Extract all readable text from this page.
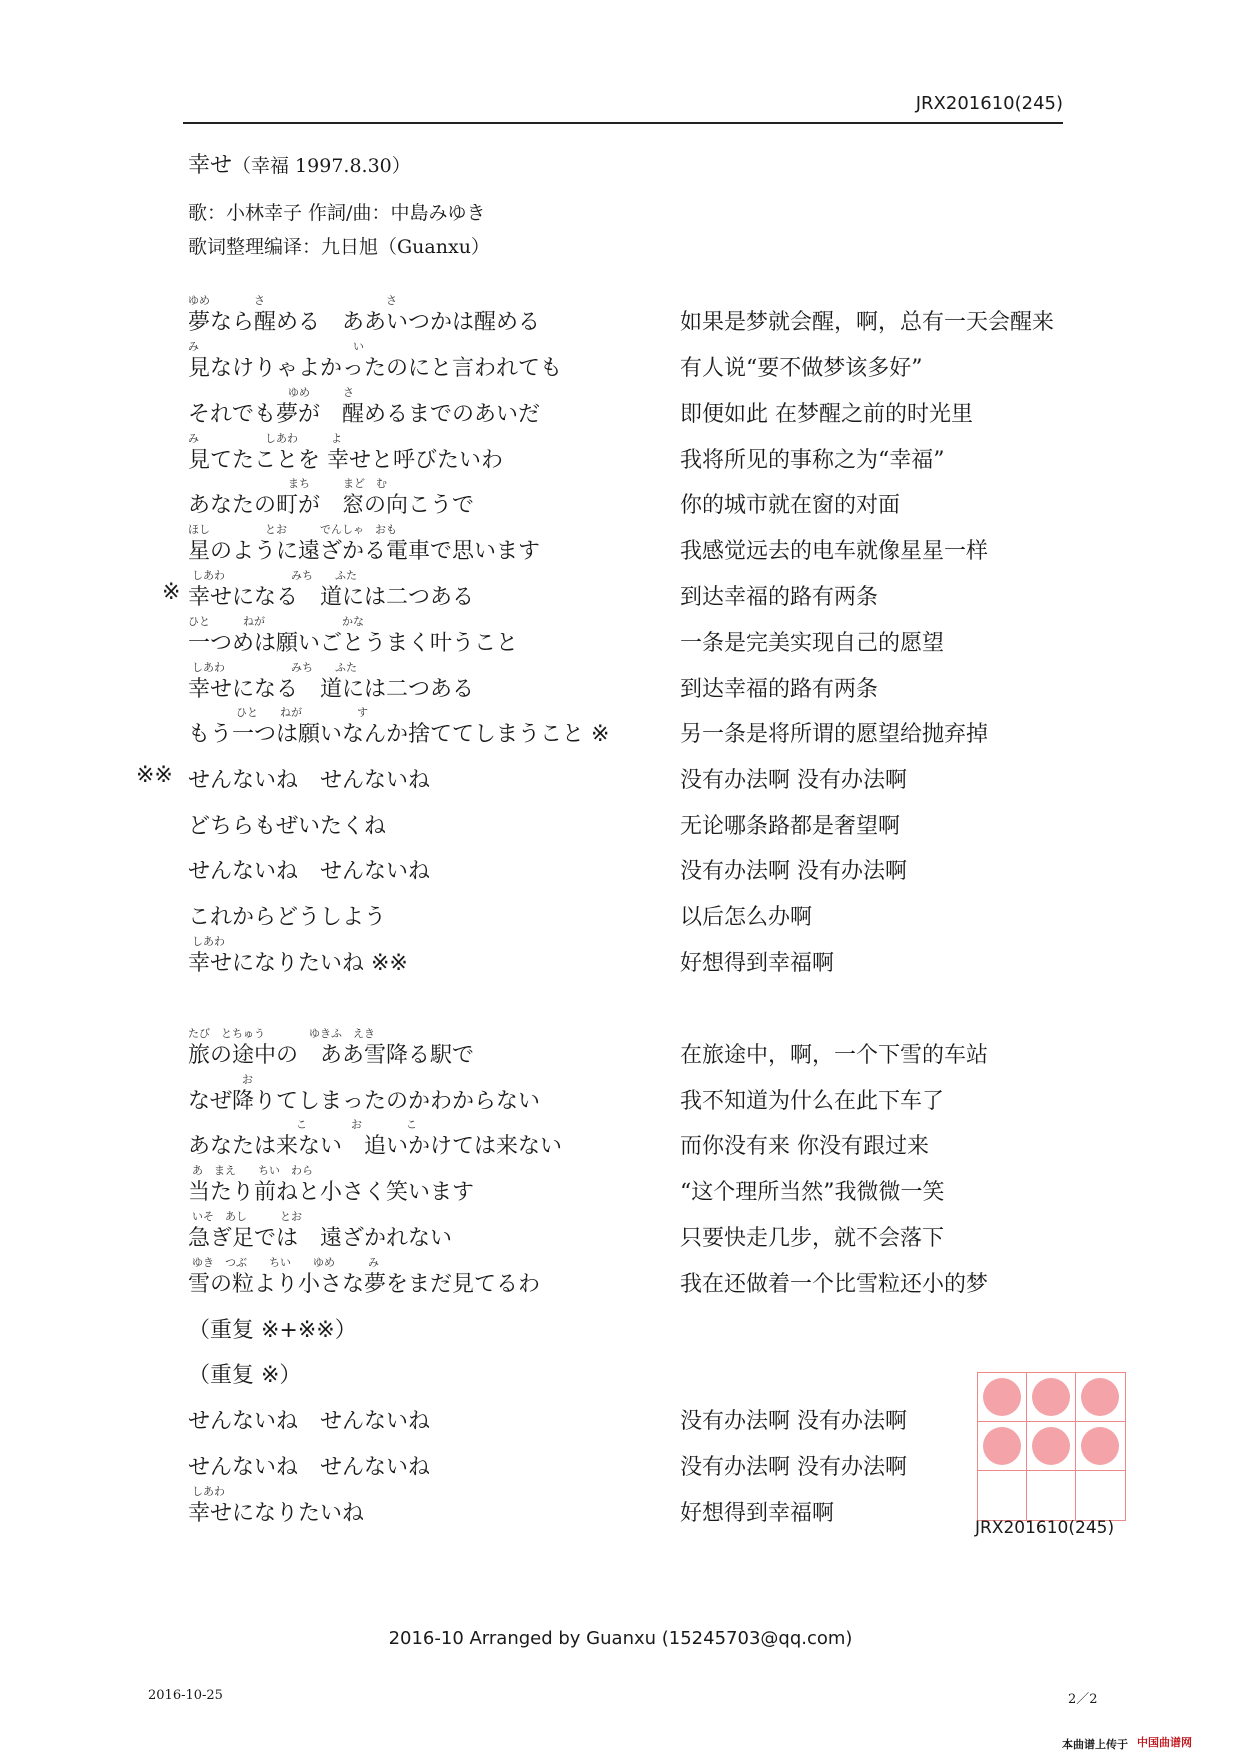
JRX201610(245)
幸せ（幸福 1997.8.30）
歌：小林幸子 作詞/曲：中島みゆき
歌词整理编译：九日旭（Guanxu）
ゆめ　　　　さ　　　　　　　　　　　さ
夢なら醒める　ああいつかは醒める	如果是梦就会醒，啊，总有一天会醒来
み　　　　　　　　　　　　　　い
見なけりゃよかったのにと言われても	有人说“要不做梦该多好”
ゆめ　　　さ
それでも夢が　醒めるまでのあいだ	即便如此 在梦醒之前的时光里
み　　　　　　しあわ　　　よ
見てたことを 幸せと呼びたいわ	我将所见的事称之为“幸福”
まち　　　まど　む
あなたの町が　窓の向こうで	你的城市就在窗的对面
ほし　　　　　とお　　　でんしゃ　おも
星のように遠ざかる電車で思います	我感觉远去的电车就像星星一样
※
しあわ　　　　　　みち　　ふた
幸せになる　道には二つある	到达幸福的路有两条
ひと　　　ねが　　　　　　　かな
一つめは願いごとうまく叶うこと	一条是完美实现自己的愿望
しあわ　　　　　　みち　　ふた
幸せになる　道には二つある	到达幸福的路有两条
ひと　　ねが　　　　　す
もう一つは願いなんか捨ててしまうこと ※	另一条是将所谓的愿望给抛弃掉
※※ せんないね　せんないね	没有办法啊 没有办法啊
どちらもぜいたくね	无论哪条路都是奢望啊
せんないね　せんないね	没有办法啊 没有办法啊
これからどうしよう	以后怎么办啊
しあわ
幸せになりたいね ※※	好想得到幸福啊
たび　とちゅう　　　　ゆきふ　えき
旅の途中の　ああ雪降る駅で	在旅途中，啊，一个下雪的车站
お
なぜ降りてしまったのかわからない	我不知道为什么在此下车了
こ　　　　お　　　　こ
あなたは来ない　追いかけては来ない	而你没有来 你没有跟过来
あ　まえ　　ちい　わら
当たり前ねと小さく笑います	“这个理所当然”我微微一笑
いそ　あし　　　とお
急ぎ足では　遠ざかれない	只要快走几步，就不会落下
ゆき　つぶ　　ちい　　ゆめ　　　み
雪の粒より小さな夢をまだ見てるわ	我在还做着一个比雪粒还小的梦
（重复 ※+※※）
（重复 ※）
せんないね　せんないね	没有办法啊 没有办法啊
せんないね　せんないね	没有办法啊 没有办法啊
しあわ
幸せになりたいね	好想得到幸福啊	九 日 旭
JRX201610(245)
2016-10 Arranged by Guanxu (15245703@qq.com)
2016-10-25	2／2
本曲谱上传于 中国曲谱网
